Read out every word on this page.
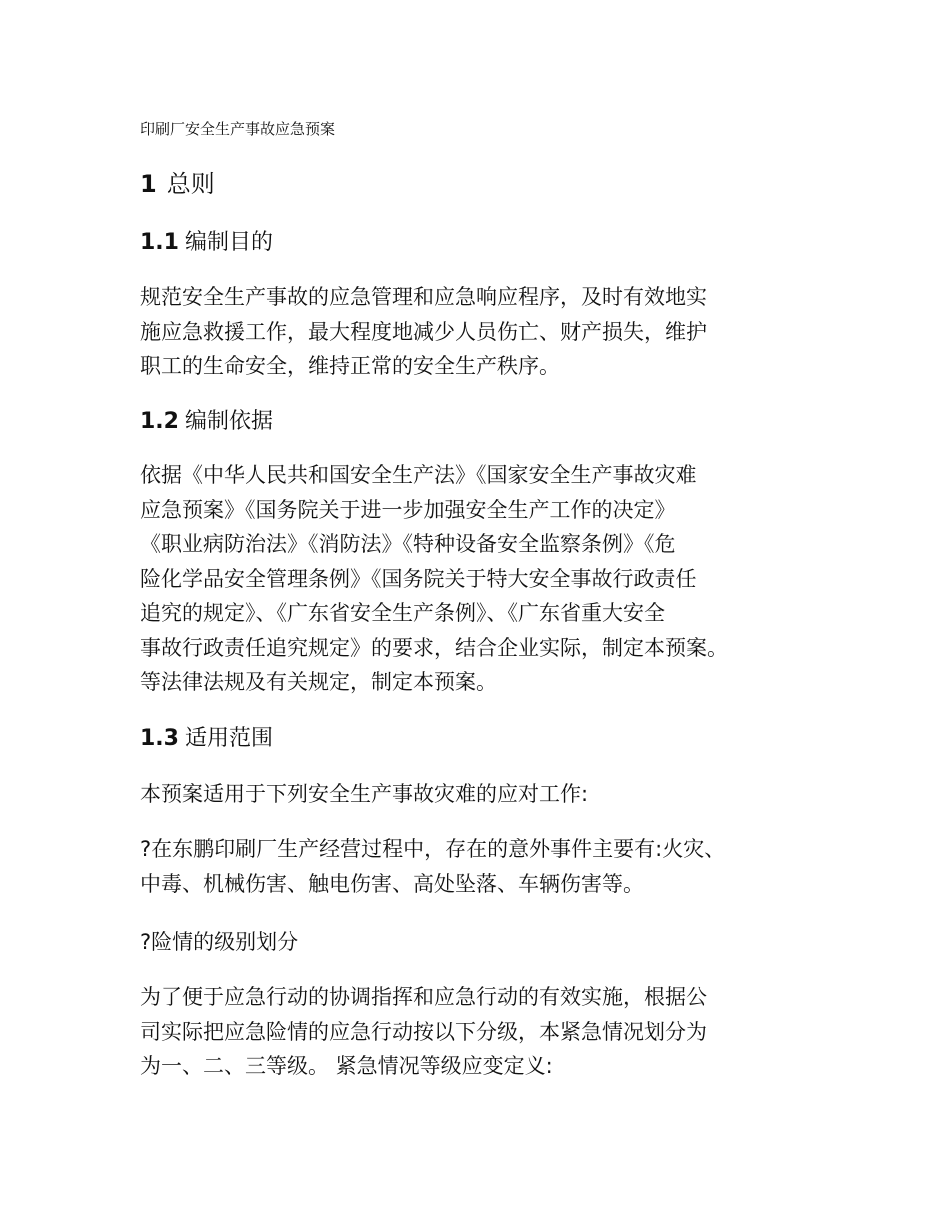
印刷厂安全生产事故应急预案
1 总则
1.1 编制目的

规范安全生产事故的应急管理和应急响应程序，及时有效地实
施应急救援工作，最大程度地减少人员伤亡、财产损失，维护
职工的生命安全，维持正常的安全生产秩序。

1.2 编制依据

依据《中华人民共和国安全生产法》《国家安全生产事故灾难
应急预案》《国务院关于进一步加强安全生产工作的决定》
《职业病防治法》《消防法》《特种设备安全监察条例》《危
险化学品安全管理条例》《国务院关于特大安全事故行政责任
追究的规定》、《广东省安全生产条例》、《广东省重大安全
事故行政责任追究规定》的要求，结合企业实际，制定本预案。
等法律法规及有关规定，制定本预案。

1.3 适用范围

本预案适用于下列安全生产事故灾难的应对工作:

?在东鹏印刷厂生产经营过程中，存在的意外事件主要有:火灾、
中毒、机械伤害、触电伤害、高处坠落、车辆伤害等。

?险情的级别划分

为了便于应急行动的协调指挥和应急行动的有效实施，根据公
司实际把应急险情的应急行动按以下分级，本紧急情况划分为
为一、二、三等级。 紧急情况等级应变定义:
